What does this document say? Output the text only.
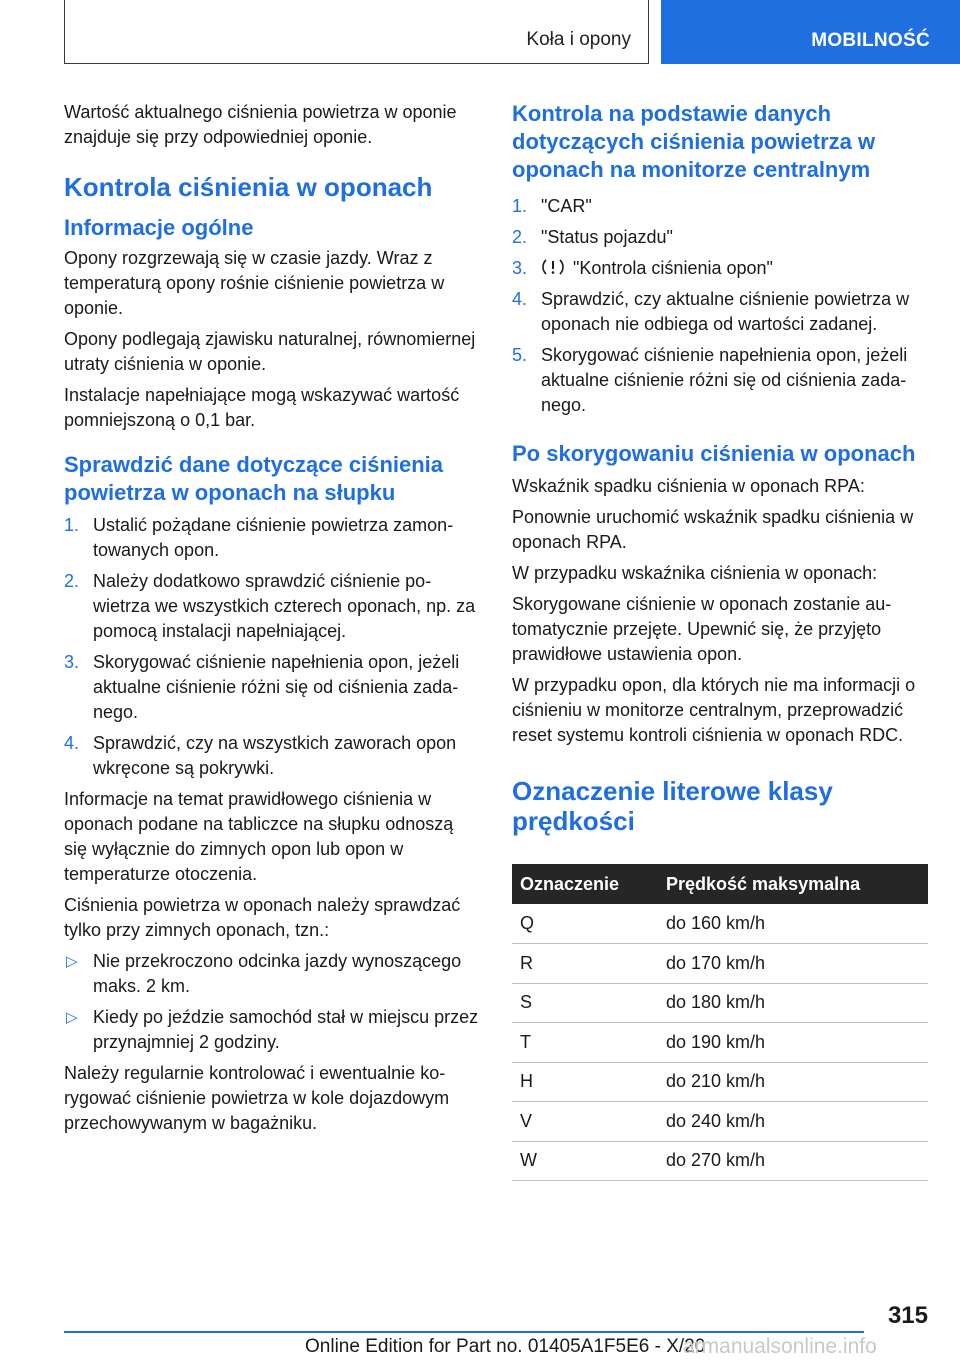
Koła i opony	MOBILNOŚĆ

Wartość aktualnego ciśnienia powietrza w oponie znajduje się przy odpowiedniej oponie.

Kontrola ciśnienia w oponach
Informacje ogólne

Opony rozgrzewają się w czasie jazdy. Wraz z temperaturą opony rośnie ciśnienie powietrza w oponie.

Opony podlegają zjawisku naturalnej, równomiernej utraty ciśnienia w oponie.

Instalacje napełniające mogą wskazywać wartość pomniejszoną o 0,1 bar.

Sprawdzić dane dotyczące ciśnienia powietrza w oponach na słupku
1. Ustalić pożądane ciśnienie powietrza zamontowanych opon.
2. Należy dodatkowo sprawdzić ciśnienie powietrza we wszystkich czterech oponach, np. za pomocą instalacji napełniającej.
3. Skorygować ciśnienie napełnienia opon, jeżeli aktualne ciśnienie różni się od ciśnienia zadanego.
4. Sprawdzić, czy na wszystkich zaworach opon wkręcone są pokrywki.

Informacje na temat prawidłowego ciśnienia w oponach podane na tabliczce na słupku odnoszą się wyłącznie do zimnych opon lub opon w temperaturze otoczenia.

Ciśnienia powietrza w oponach należy sprawdzać tylko przy zimnych oponach, tzn.:

▷ Nie przekroczono odcinka jazdy wynoszącego maks. 2 km.
▷ Kiedy po jeździe samochód stał w miejscu przez przynajmniej 2 godziny.

Należy regularnie kontrolować i ewentualnie korygować ciśnienie powietrza w kole dojazdowym przechowywanym w bagażniku.

Kontrola na podstawie danych dotyczących ciśnienia powietrza w oponach na monitorze centralnym
1. "CAR"
2. "Status pojazdu"
3.	"Kontrola ciśnienia opon"
4. Sprawdzić, czy aktualne ciśnienie powietrza w oponach nie odbiega od wartości zadanej.
5. Skorygować ciśnienie napełnienia opon, jeżeli aktualne ciśnienie różni się od ciśnienia zadanego.
Po skorygowaniu ciśnienia w oponach

Wskaźnik spadku ciśnienia w oponach RPA:

Ponownie uruchomić wskaźnik spadku ciśnienia w oponach RPA.

W przypadku wskaźnika ciśnienia w oponach:

Skorygowane ciśnienie w oponach zostanie automatycznie przejęte. Upewnić się, że przyjęto prawidłowe ustawienia opon.

W przypadku opon, dla których nie ma informacji o ciśnieniu w monitorze centralnym, przeprowadzić reset systemu kontroli ciśnienia w oponach RDC.

Oznaczenie literowe klasy prędkości
Oznaczenie	Prędkość maksymalna
Q	do 160 km/h
R	do 170 km/h
S	do 180 km/h
T	do 190 km/h
H	do 210 km/h
V	do 240 km/h
W	do 270 km/h
315
Online Edition for Part no. 01405A1F5E6 - X/20
armanualsonline.info
